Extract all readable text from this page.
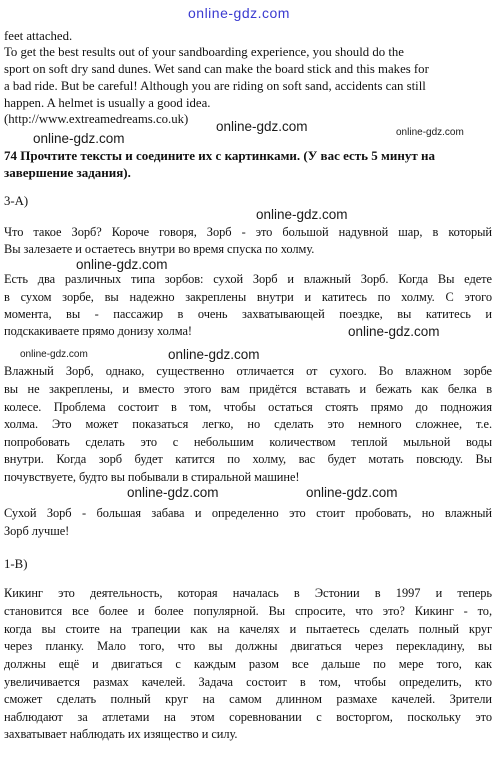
feet attached.
To get the best results out of your sandboarding experience, you should do the
sport on soft dry sand dunes. Wet sand can make the board stick and this makes for
a bad ride. But be careful! Although you are riding on soft sand, accidents can still
happen. A helmet is usually a good idea.
(http://www.extreamedreams.co.uk)
74 Прочтите тексты и соедините их с картинками. (У вас есть 5 минут на
завершение задания).
3-А)
Что такое Зорб? Короче говоря, Зорб - это большой надувной шар, в который
Вы залезаете и остаетесь внутри во время спуска по холму.
Есть два различных типа зорбов: сухой Зорб и влажный Зорб. Когда Вы едете
в сухом зорбе, вы надежно закреплены внутри и катитесь по холму. С этого
момента, вы - пассажир в очень захватывающей поездке, вы катитесь и
подскакиваете прямо донизу холма!
Влажный Зорб, однако, существенно отличается от сухого. Во влажном зорбе
вы не закреплены, и вместо этого вам придётся вставать и бежать как белка в
колесе. Проблема состоит в том, чтобы остаться стоять прямо до подножия
холма. Это может показаться легко, но сделать это немного сложнее, т.е.
попробовать сделать это с небольшим количеством теплой мыльной воды
внутри. Когда зорб будет катится по холму, вас будет мотать повсюду. Вы
почувствуете, будто вы побывали в стиральной машине!
Сухой Зорб - большая забава и определенно это стоит пробовать, но влажный
Зорб лучше!
1-В)
Кикинг это деятельность, которая началась в Эстонии в 1997 и теперь
становится все более и более популярной. Вы спросите, что это? Кикинг - то,
когда вы стоите на трапеции как на качелях и пытаетесь сделать полный круг
через планку. Мало того, что вы должны двигаться через перекладину, вы
должны ещё и двигаться с каждым разом все дальше по мере того, как
увеличивается размах качелей. Задача состоит в том, чтобы определить, кто
сможет сделать полный круг на самом длинном размахе качелей. Зрители
наблюдают за атлетами на этом соревновании с восторгом, поскольку это
захватывает наблюдать их изящество и силу.
online-gdz.com
online-gdz.com
online-gdz.com	online-gdz.com
online-gdz.com
online-gdz.com
online-gdz.com
online-gdz.com	online-gdz.com
online-gdz.com	online-gdz.com
